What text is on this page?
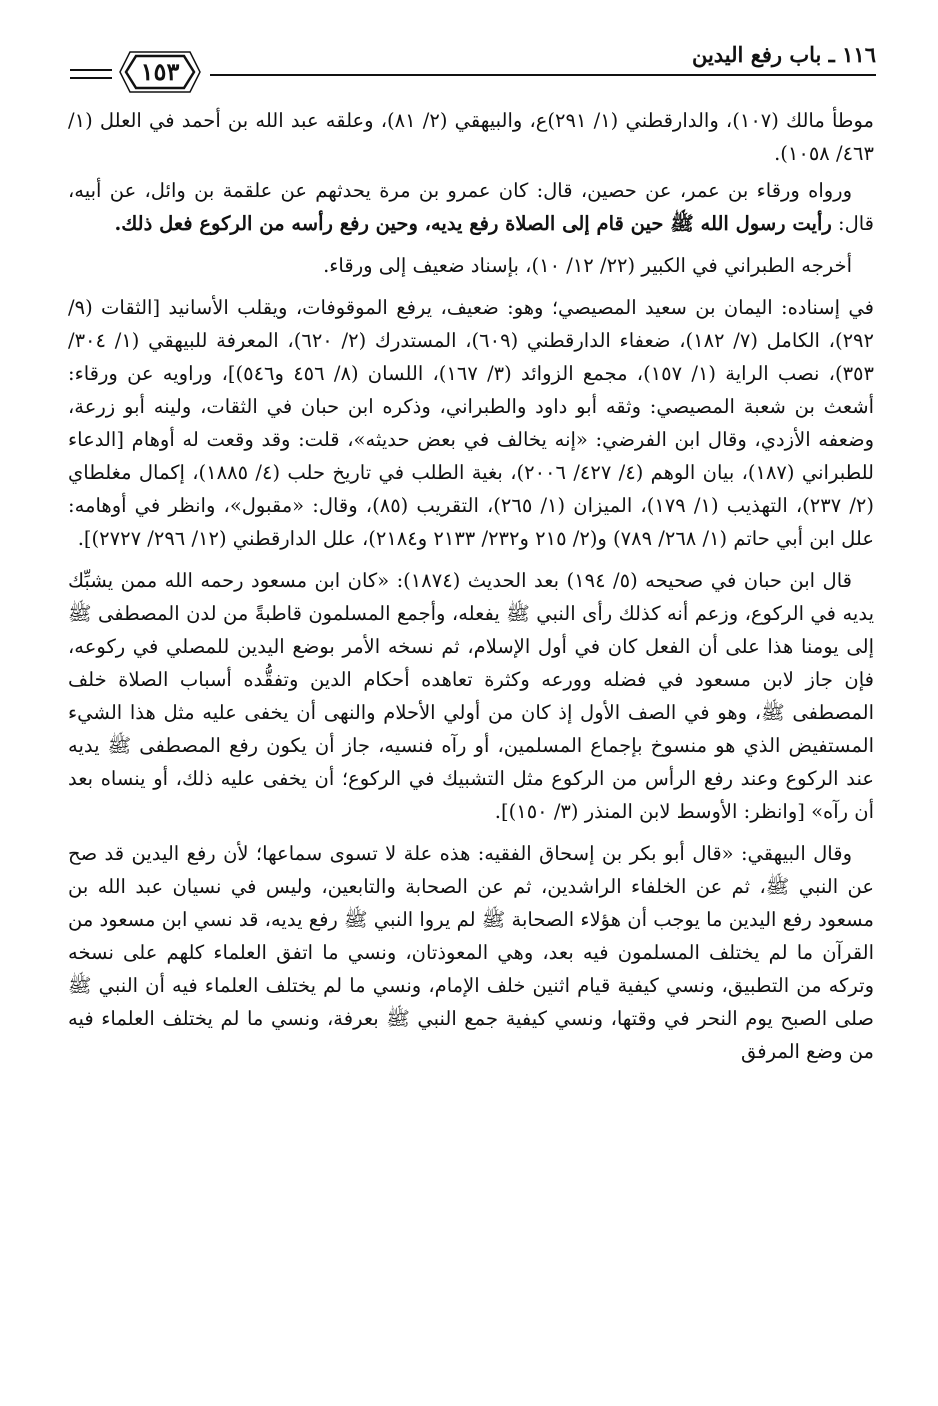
١٥٣
١١٦ ـ باب رفع اليدين

موطأ مالك (١٠٧)، والدارقطني (١/ ٢٩١)ع، والبيهقي (٢/ ٨١)، وعلقه عبد الله بن أحمد في العلل (١/ ٤٦٣/ ١٠٥٨).

ورواه ورقاء بن عمر، عن حصين، قال: كان عمرو بن مرة يحدثهم عن علقمة بن وائل، عن أبيه، قال: رأيت رسول الله ﷺ حين قام إلى الصلاة رفع يديه، وحين رفع رأسه من الركوع فعل ذلك.

أخرجه الطبراني في الكبير (٢٢/ ١٢/ ١٠)، بإسناد ضعيف إلى ورقاء.

في إسناده: اليمان بن سعيد المصيصي؛ وهو: ضعيف، يرفع الموقوفات، ويقلب الأسانيد [الثقات (٩/ ٢٩٢)، الكامل (٧/ ١٨٢)، ضعفاء الدارقطني (٦٠٩)، المستدرك (٢/ ٦٢٠)، المعرفة للبيهقي (١/ ٣٠٤/ ٣٥٣)، نصب الراية (١/ ١٥٧)، مجمع الزوائد (٣/ ١٦٧)، اللسان (٨/ ٤٥٦ و٥٤٦)]، وراويه عن ورقاء: أشعث بن شعبة المصيصي: وثقه أبو داود والطبراني، وذكره ابن حبان في الثقات، ولينه أبو زرعة، وضعفه الأزدي، وقال ابن الفرضي: «إنه يخالف في بعض حديثه»، قلت: وقد وقعت له أوهام [الدعاء للطبراني (١٨٧)، بيان الوهم (٤/ ٤٢٧/ ٢٠٠٦)، بغية الطلب في تاريخ حلب (٤/ ١٨٨٥)، إكمال مغلطاي (٢/ ٢٣٧)، التهذيب (١/ ١٧٩)، الميزان (١/ ٢٦٥)، التقريب (٨٥)، وقال: «مقبول»، وانظر في أوهامه: علل ابن أبي حاتم (١/ ٢٦٨/ ٧٨٩) و(٢/ ٢١٥ و٢٣٢/ ٢١٣٣ و٢١٨٤)، علل الدارقطني (١٢/ ٢٩٦/ ٢٧٢٧)].

قال ابن حبان في صحيحه (٥/ ١٩٤) بعد الحديث (١٨٧٤): «كان ابن مسعود رحمه الله ممن يشبِّك يديه في الركوع، وزعم أنه كذلك رأى النبي ﷺ يفعله، وأجمع المسلمون قاطبةً من لدن المصطفى ﷺ إلى يومنا هذا على أن الفعل كان في أول الإسلام، ثم نسخه الأمر بوضع اليدين للمصلي في ركوعه، فإن جاز لابن مسعود في فضله وورعه وكثرة تعاهده أحكام الدين وتفقُّده أسباب الصلاة خلف المصطفى ﷺ، وهو في الصف الأول إذ كان من أولي الأحلام والنهى أن يخفى عليه مثل هذا الشيء المستفيض الذي هو منسوخ بإجماع المسلمين، أو رآه فنسيه، جاز أن يكون رفع المصطفى ﷺ يديه عند الركوع وعند رفع الرأس من الركوع مثل التشبيك في الركوع؛ أن يخفى عليه ذلك، أو ينساه بعد أن رآه» [وانظر: الأوسط لابن المنذر (٣/ ١٥٠)].

وقال البيهقي: «قال أبو بكر بن إسحاق الفقيه: هذه علة لا تسوى سماعها؛ لأن رفع اليدين قد صح عن النبي ﷺ، ثم عن الخلفاء الراشدين، ثم عن الصحابة والتابعين، وليس في نسيان عبد الله بن مسعود رفع اليدين ما يوجب أن هؤلاء الصحابة ﷺ لم يروا النبي ﷺ رفع يديه، قد نسي ابن مسعود من القرآن ما لم يختلف المسلمون فيه بعد، وهي المعوذتان، ونسي ما اتفق العلماء كلهم على نسخه وتركه من التطبيق، ونسي كيفية قيام اثنين خلف الإمام، ونسي ما لم يختلف العلماء فيه أن النبي ﷺ صلى الصبح يوم النحر في وقتها، ونسي كيفية جمع النبي ﷺ بعرفة، ونسي ما لم يختلف العلماء فيه من وضع المرفق
